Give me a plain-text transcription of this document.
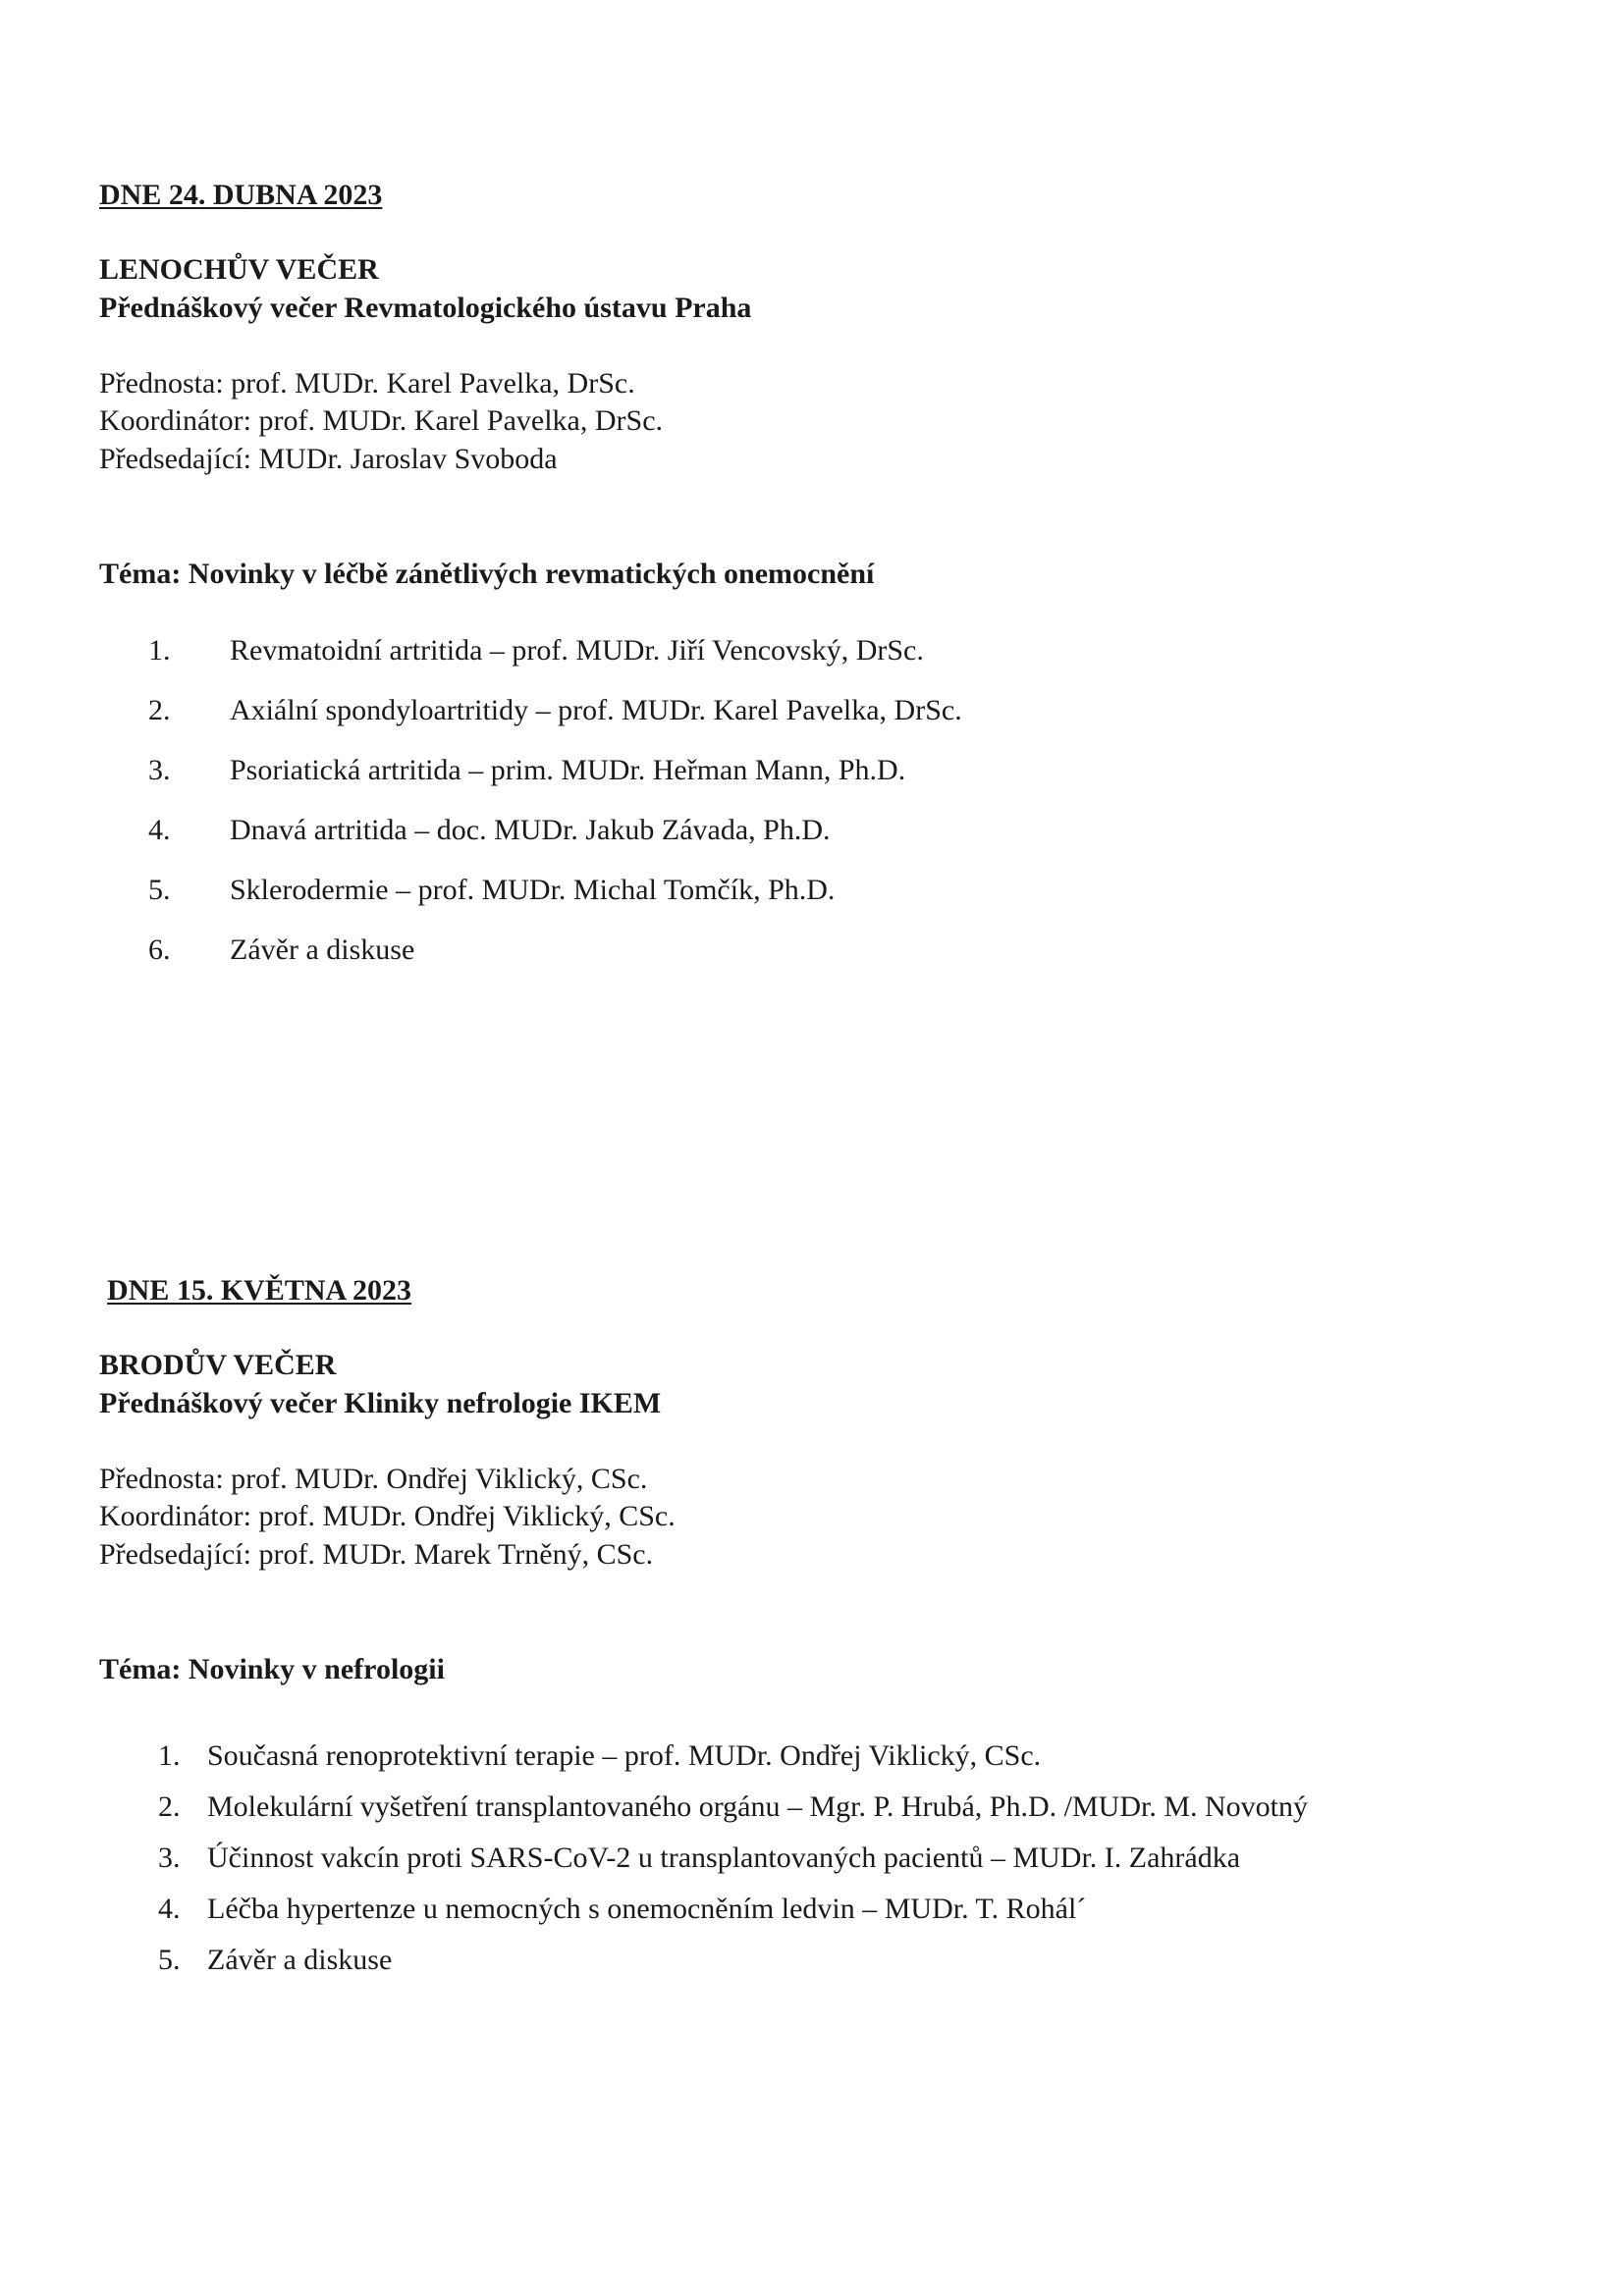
DNE 24. DUBNA 2023
LENOCHŮV VEČER
Přednáškový večer Revmatologického ústavu Praha
Přednosta: prof. MUDr. Karel Pavelka, DrSc.
Koordinátor: prof. MUDr. Karel Pavelka, DrSc.
Předsedající: MUDr. Jaroslav Svoboda
Téma: Novinky v léčbě zánětlivých revmatických onemocnění
1. Revmatoidní artritida – prof. MUDr. Jiří Vencovský, DrSc.
2. Axiální spondyloartritidy – prof. MUDr. Karel Pavelka, DrSc.
3. Psoriatická artritida – prim. MUDr. Heřman Mann, Ph.D.
4. Dnavá artritida – doc. MUDr. Jakub Závada, Ph.D.
5. Sklerodermie – prof. MUDr. Michal Tomčík, Ph.D.
6. Závěr a diskuse
DNE 15. KVĚTNA 2023
BRODŮV VEČER
Přednáškový večer Kliniky nefrologie IKEM
Přednosta: prof. MUDr. Ondřej Viklický, CSc.
Koordinátor: prof. MUDr. Ondřej Viklický, CSc.
Předsedající: prof. MUDr. Marek Trněný, CSc.
Téma: Novinky v nefrologii
1. Současná renoprotektivní terapie – prof. MUDr. Ondřej Viklický, CSc.
2. Molekulární vyšetření transplantovaného orgánu – Mgr. P. Hrubá, Ph.D. /MUDr. M. Novotný
3. Účinnost vakcín proti SARS-CoV-2 u transplantovaných pacientů – MUDr. I. Zahrádka
4. Léčba hypertenze u nemocných s onemocněním ledvin – MUDr. T. Rohál´
5. Závěr a diskuse
